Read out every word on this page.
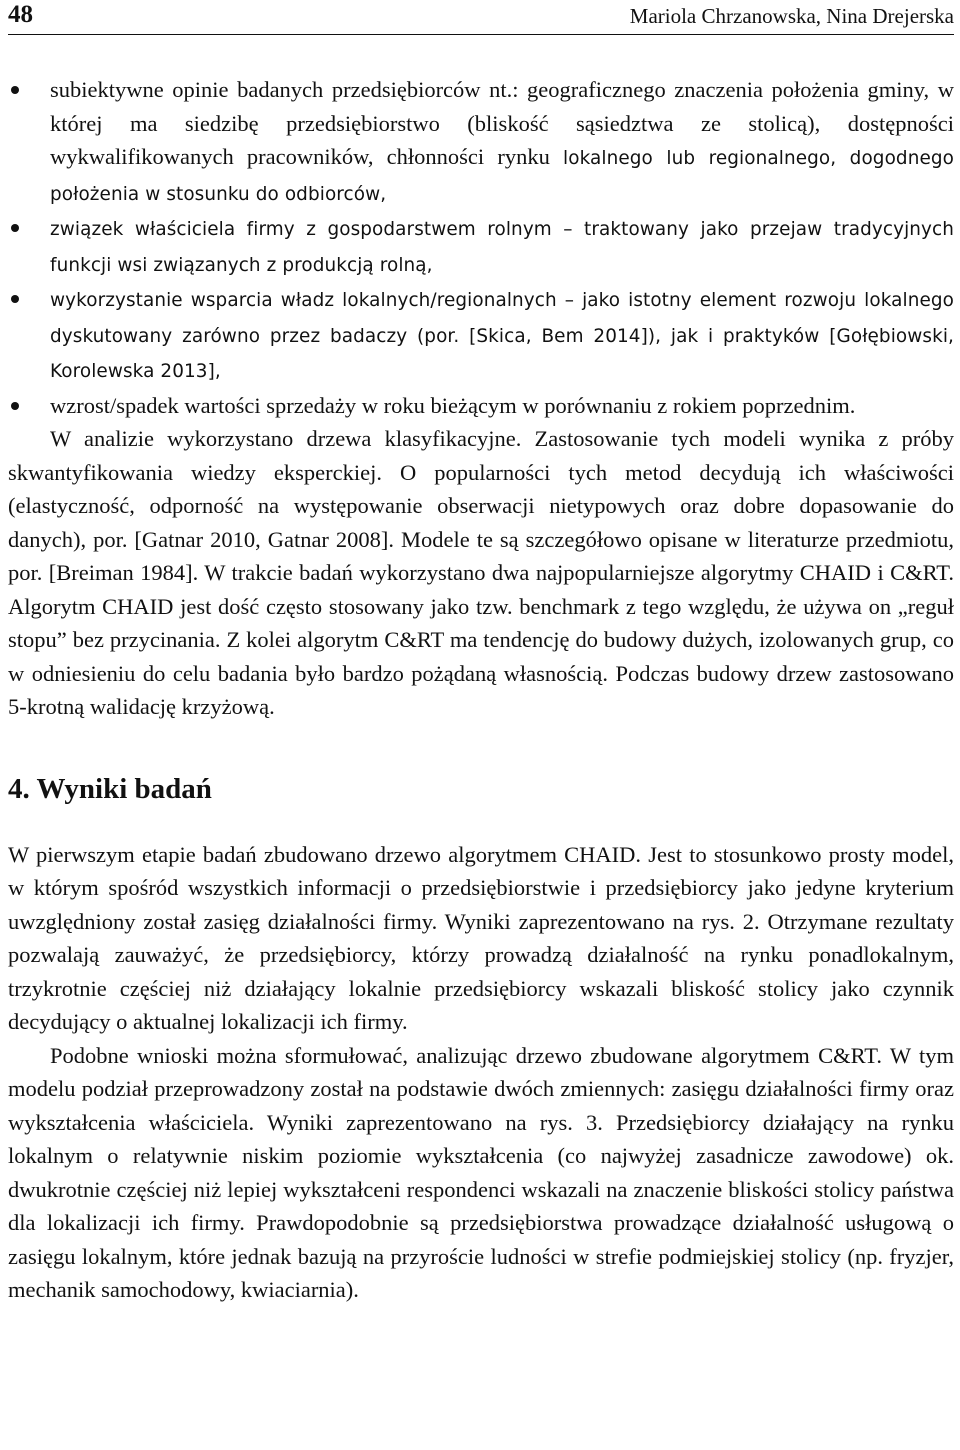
48	Mariola Chrzanowska, Nina Drejerska
subiektywne opinie badanych przedsiębiorców nt.: geograficznego znaczenia położenia gminy, w której ma siedzibę przedsiębiorstwo (bliskość sąsiedztwa ze stolicą), dostępności wykwalifikowanych pracowników, chłonności rynku lokalnego lub regionalnego, dogodnego położenia w stosunku do odbiorców,
związek właściciela firmy z gospodarstwem rolnym – traktowany jako przejaw tradycyjnych funkcji wsi związanych z produkcją rolną,
wykorzystanie wsparcia władz lokalnych/regionalnych – jako istotny element rozwoju lokalnego dyskutowany zarówno przez badaczy (por. [Skica, Bem 2014]), jak i praktyków [Gołębiowski, Korolewska 2013],
wzrost/spadek wartości sprzedaży w roku bieżącym w porównaniu z rokiem poprzednim.

W analizie wykorzystano drzewa klasyfikacyjne. Zastosowanie tych modeli wynika z próby skwantyfikowania wiedzy eksperckiej. O popularności tych metod decydują ich właściwości (elastyczność, odporność na występowanie obserwacji nietypowych oraz dobre dopasowanie do danych), por. [Gatnar 2010, Gatnar 2008]. Modele te są szczegółowo opisane w literaturze przedmiotu, por. [Breiman 1984]. W trakcie badań wykorzystano dwa najpopularniejsze algorytmy CHAID i C&RT. Algorytm CHAID jest dość często stosowany jako tzw. benchmark z tego względu, że używa on „reguł stopu” bez przycinania. Z kolei algorytm C&RT ma tendencję do budowy dużych, izolowanych grup, co w odniesieniu do celu badania było bardzo pożądaną własnością. Podczas budowy drzew zastosowano 5-krotną walidację krzyżową.

4. Wyniki badań

W pierwszym etapie badań zbudowano drzewo algorytmem CHAID. Jest to stosunkowo prosty model, w którym spośród wszystkich informacji o przedsiębiorstwie i przedsiębiorcy jako jedyne kryterium uwzględniony został zasięg działalności firmy. Wyniki zaprezentowano na rys. 2. Otrzymane rezultaty pozwalają zauważyć, że przedsiębiorcy, którzy prowadzą działalność na rynku ponadlokalnym, trzykrotnie częściej niż działający lokalnie przedsiębiorcy wskazali bliskość stolicy jako czynnik decydujący o aktualnej lokalizacji ich firmy.

Podobne wnioski można sformułować, analizując drzewo zbudowane algorytmem C&RT. W tym modelu podział przeprowadzony został na podstawie dwóch zmiennych: zasięgu działalności firmy oraz wykształcenia właściciela. Wyniki zaprezentowano na rys. 3. Przedsiębiorcy działający na rynku lokalnym o relatywnie niskim poziomie wykształcenia (co najwyżej zasadnicze zawodowe) ok. dwukrotnie częściej niż lepiej wykształceni respondenci wskazali na znaczenie bliskości stolicy państwa dla lokalizacji ich firmy. Prawdopodobnie są przedsiębiorstwa prowadzące działalność usługową o zasięgu lokalnym, które jednak bazują na przyroście ludności w strefie podmiejskiej stolicy (np. fryzjer, mechanik samochodowy, kwiaciarnia).
